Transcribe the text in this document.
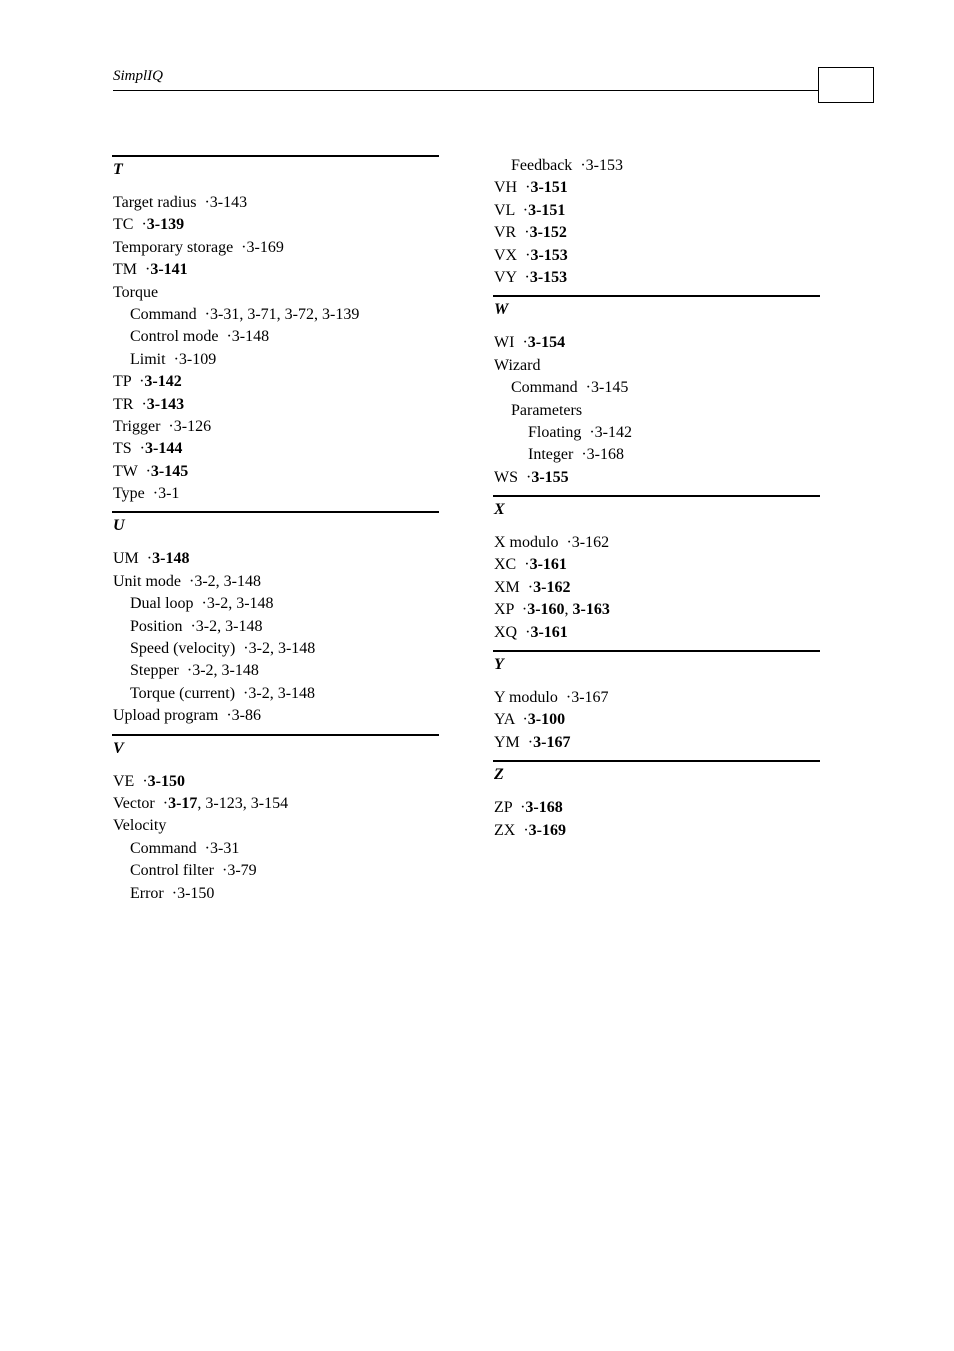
SimplIQ
T
Target radius  ·3-143
TC  ·3-139
Temporary storage  ·3-169
TM  ·3-141
Torque
Command  ·3-31, 3-71, 3-72, 3-139
Control mode  ·3-148
Limit  ·3-109
TP  ·3-142
TR  ·3-143
Trigger  ·3-126
TS  ·3-144
TW  ·3-145
Type  ·3-1
U
UM  ·3-148
Unit mode  ·3-2, 3-148
Dual loop  ·3-2, 3-148
Position  ·3-2, 3-148
Speed (velocity)  ·3-2, 3-148
Stepper  ·3-2, 3-148
Torque (current)  ·3-2, 3-148
Upload program  ·3-86
V
VE  ·3-150
Vector  ·3-17, 3-123, 3-154
Velocity
Command  ·3-31
Control filter  ·3-79
Error  ·3-150
Feedback  ·3-153
VH  ·3-151
VL  ·3-151
VR  ·3-152
VX  ·3-153
VY  ·3-153
W
WI  ·3-154
Wizard
Command  ·3-145
Parameters
Floating  ·3-142
Integer  ·3-168
WS  ·3-155
X
X modulo  ·3-162
XC  ·3-161
XM  ·3-162
XP  ·3-160, 3-163
XQ  ·3-161
Y
Y modulo  ·3-167
YA  ·3-100
YM  ·3-167
Z
ZP  ·3-168
ZX  ·3-169
